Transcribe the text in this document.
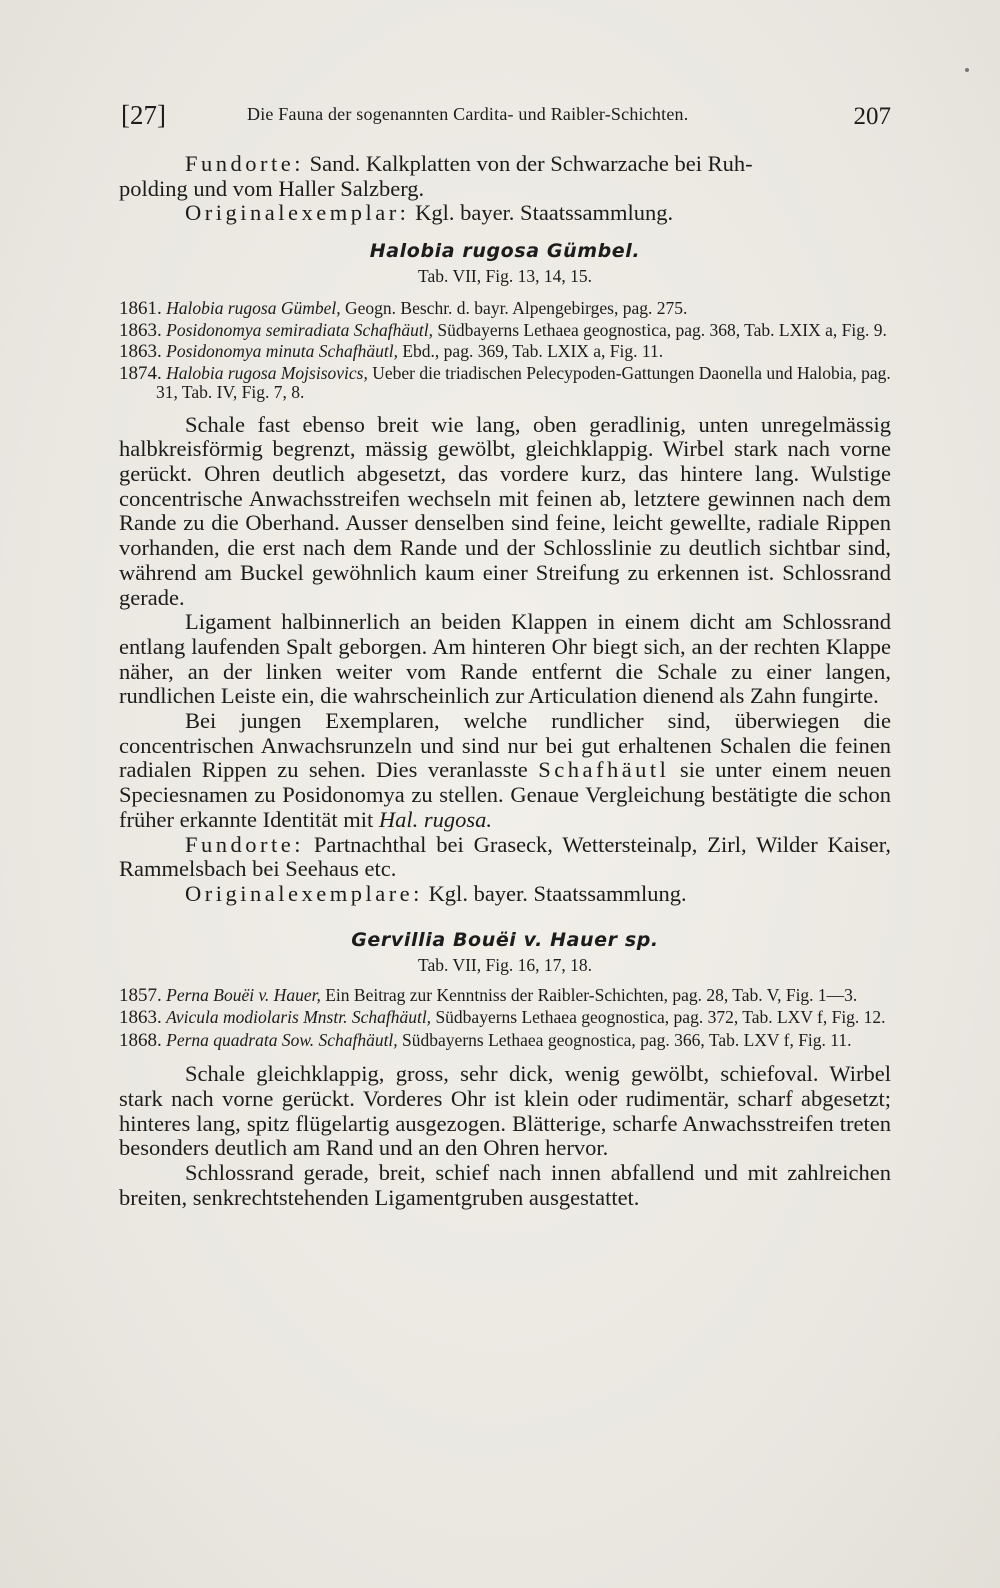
[27]	Die Fauna der sogenannten Cardita- und Raibler-Schichten.	207

Fundorte: Sand. Kalkplatten von der Schwarzache bei Ruh-
polding und vom Haller Salzberg.

Originalexemplar: Kgl. bayer. Staatssammlung.

Halobia rugosa Gümbel.

Tab. VII, Fig. 13, 14, 15.

1861. Halobia rugosa Gümbel, Geogn. Beschr. d. bayr. Alpengebirges, pag. 275.

1863. Posidonomya semiradiata Schafhäutl, Südbayerns Lethaea geognostica, pag. 368, Tab. LXIX a, Fig. 9.

1863. Posidonomya minuta Schafhäutl, Ebd., pag. 369, Tab. LXIX a, Fig. 11.

1874. Halobia rugosa Mojsisovics, Ueber die triadischen Pelecypoden-Gattungen Daonella und Halobia, pag. 31, Tab. IV, Fig. 7, 8.

Schale fast ebenso breit wie lang, oben geradlinig, unten unregelmässig halbkreisförmig begrenzt, mässig gewölbt, gleichklappig. Wirbel stark nach vorne gerückt. Ohren deutlich abgesetzt, das vordere kurz, das hintere lang. Wulstige concentrische Anwachsstreifen wechseln mit feinen ab, letztere gewinnen nach dem Rande zu die Oberhand. Ausser denselben sind feine, leicht gewellte, radiale Rippen vorhanden, die erst nach dem Rande und der Schlosslinie zu deutlich sichtbar sind, während am Buckel gewöhnlich kaum einer Streifung zu erkennen ist. Schlossrand gerade.

Ligament halbinnerlich an beiden Klappen in einem dicht am Schlossrand entlang laufenden Spalt geborgen. Am hinteren Ohr biegt sich, an der rechten Klappe näher, an der linken weiter vom Rande entfernt die Schale zu einer langen, rundlichen Leiste ein, die wahrscheinlich zur Articulation dienend als Zahn fungirte.

Bei jungen Exemplaren, welche rundlicher sind, überwiegen die concentrischen Anwachsrunzeln und sind nur bei gut erhaltenen Schalen die feinen radialen Rippen zu sehen. Dies veranlasste Schafhäutl sie unter einem neuen Speciesnamen zu Posidonomya zu stellen. Genaue Vergleichung bestätigte die schon früher erkannte Identität mit Hal. rugosa.

Fundorte: Partnachthal bei Graseck, Wettersteinalp, Zirl, Wilder Kaiser, Rammelsbach bei Seehaus etc.

Originalexemplare: Kgl. bayer. Staatssammlung.

Gervillia Bouëi v. Hauer sp.

Tab. VII, Fig. 16, 17, 18.

1857. Perna Bouëi v. Hauer, Ein Beitrag zur Kenntniss der Raibler-Schichten, pag. 28, Tab. V, Fig. 1—3.

1863. Avicula modiolaris Mnstr. Schafhäutl, Südbayerns Lethaea geognostica, pag. 372, Tab. LXV f, Fig. 12.

1868. Perna quadrata Sow. Schafhäutl, Südbayerns Lethaea geognostica, pag. 366, Tab. LXV f, Fig. 11.

Schale gleichklappig, gross, sehr dick, wenig gewölbt, schiefoval. Wirbel stark nach vorne gerückt. Vorderes Ohr ist klein oder rudimentär, scharf abgesetzt; hinteres lang, spitz flügelartig ausgezogen. Blätterige, scharfe Anwachsstreifen treten besonders deutlich am Rand und an den Ohren hervor.

Schlossrand gerade, breit, schief nach innen abfallend und mit zahlreichen breiten, senkrechtstehenden Ligamentgruben ausgestattet.
